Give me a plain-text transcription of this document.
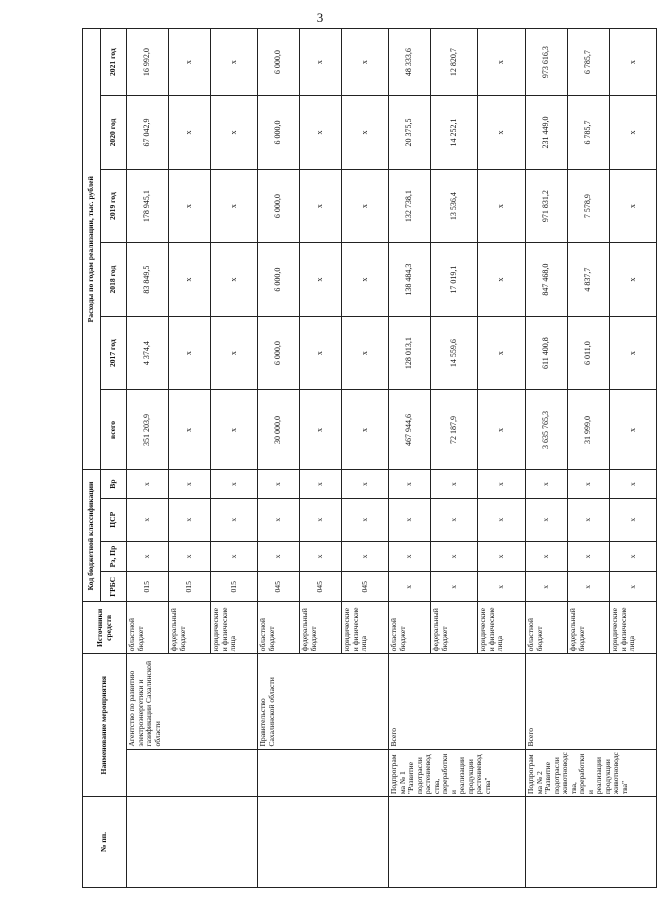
3
№ пп.	Наименование мероприятия		Источники средств	Код бюджетной классификации				Расходы по годам реализации, тыс. рублей					
				ГРБС	Рз, Пр	ЦСР	Вр	всего	2017 год	2018 год	2019 год	2020 год	2021 год
		Агентство по развитию электроэнергетики и газификации Сахалинской области	областной бюджет	015	x	x	x	351 203,9	4 374,4	83 849,5	178 945,1	67 042,9	16 992,0
			федеральный бюджет	015	x	x	x	x	x	x	x	x	x
			юридические и физические лица	015	x	x	x	x	x	x	x	x	x
		Правительство Сахалинской области	областной бюджет	045	x	x	x	30 000,0	6 000,0	6 000,0	6 000,0	6 000,0	6 000,0
			федеральный бюджет	045	x	x	x	x	x	x	x	x	x
			юридические и физические лица	045	x	x	x	x	x	x	x	x	x
	Подпрограмма № 1 "Развитие подотрасли растениеводства, переработки и реализации продукции растениеводства"	Всего	областной бюджет	x	x	x	x	467 944,6	128 013,1	138 484,3	132 738,1	20 375,5	48 333,6
			федеральный бюджет	x	x	x	x	72 187,9	14 559,6	17 019,1	13 536,4	14 252,1	12 820,7
			юридические и физические лица	x	x	x	x	x	x	x	x	x	x
	Подпрограмма № 2 "Развитие подотрасли животноводства, переработки и реализации продукции животноводства"	Всего	областной бюджет	x	x	x	x	3 635 765,3	611 400,8	847 468,0	971 831,2	231 449,0	973 616,3
			федеральный бюджет	x	x	x	x	31 999,0	6 011,0	4 837,7	7 578,9	6 785,7	6 785,7
			юридические и физические лица	x	x	x	x	x	x	x	x	x	x
